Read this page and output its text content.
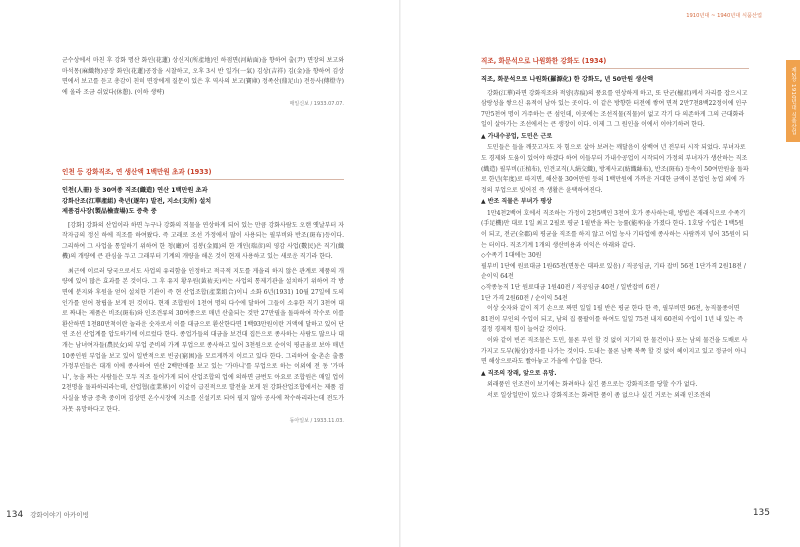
군수상에서 마친 후 강화 명산 화인(花蓮) 상신지(所產地)인 하점면(河岾面)을 향하여 출(尹) 면장의 보고와 마석몽(麻織物)공장 화인(花蓮)공장을 시찰하고, 오후 3시 반 일가(一氣) 김상(吉祥) 김(金)을 향하여 김상면에서 보고를 듣고 총감이 친히 면장에게 질문이 있은 후 역사의 보고(寶庫) 정족산(鼎足山) 전등사(傳燈寺)에 올라 조금 쉬었다(休憩). (이하 생략)

매일신보 / 1933.07.07.

인천 등 강화직조, 연 생산액 1백만원 초과 (1933)
인천(人冊) 등 30여종 직조(織造) 연산 1백만원 초과
강화산조(江華產組) 축년(逐年) 발전, 지소(支所) 설치
제품검사장(製品檢査場)도 증축 중

[강화] 강화의 산업이라 하면 누구나 강화의 직물을 연상하게 되어 있는 만큼 강화사람도 오랜 옛날부터 자작자급의 정신 하에 직조를 하여왔다. 즉 고래로 조선 가정에서 많이 사용되는 필부비와 반조(斑布)등이다. 그리하여 그 사업을 통일하기 위하여 한 청(廳)이 김봉(金鳳)의 한 개인(瑞彦)의 영감 사업(數民)은 직기(織機)의 개량에 큰 관심을 두고 그래부터 기계의 개량을 해온 것이 현재 사용하고 있는 새로운 직기라 한다.

최근에 이르러 당국으로서도 사업의 유리함을 인정하고 적극적 지도를 게을리 하지 않은 관계로 제품의 개량에 있어 많은 효과를 본 것이다. 그 후 유지 황우원(黃祐天)씨는 사업의 통제기관을 설치하기 위하여 각 방면에 분지와 후원을 얻어 설치한 기관이 즉 현 산업조합(產業組合)이니 소화 6년(1931) 10월 27일에 도의 인가를 얻어 창립을 보게 된 것이다. 현재 조합원이 1천여 명의 다수에 달하여 그들이 소유한 직기 3천여 대로 짜내는 제품은 비조(斑布)와 인조견류의 30여종으로 매년 산출되는 것만 27만필을 돌파하여 작수로 이를 환산하면 1천80만척이란 놀라운 숫자로서 이를 대금으로 환산한다면 1백93만원이란 거액에 달하고 있어 단연 조선 산업계를 압도하기에 이르렀다 한다. 종업가들의 대금을 보건대 집든으로 종사하는 사람도 많으나 대개는 남녀여자들(農民女)의 부업 준비의 가계 부업으로 종사하고 있어 3천원으로 순이익 평균율로 보아 매년 10종인원 부업을 보고 있어 일반적으로 빈궁(窮困)을 모르게까지 이르고 있다 한다. 그리하여 숲·촌손 출품 가정부인들은 대개 이에 종사하여 연산 2백만매를 보고 있는 '가마니'를 부업으로 하는 이외에 전 동 '가마니', 농을 짜는 사람들은 모두 직조 들어가게 되어 산업조합의 업에 의하면 금번도 아요로 조합원은 매일 업이 2천명을 돌파하리라는데, 산업협(產業界)이 이같이 급진적으로 발전을 보게 된 강화산업조합에서는 제품 검사실을 방금 증축 중이며 김상면 온수시장에 지소를 신설키로 되어 필지 않아 공사에 착수하리라는데 전도가 자못 유망하다고 한다.

동아일보 / 1933.11.03.

134 강화이야기 아카이빙
1910년대 ~ 1940년대 식품산업
제2장 1910년대 식품산업
직조, 화문석으로 나원화한 강화도 (1934)
직조, 화문석으로 나원화(羅源化) 한 강화도, 년 50만원 생산액

강화(江華)라면 강화직조와 적양(赤痕)의 풍요를 연상하게 하고, 또 단군(檀君)께서 자리를 잡으시고 삼랑성을 쌓으신 유적이 남아 있는 곳이다. 이 같은 방향한 터전에 쌓여 면적 2만7천8백22정이에 인구 7만5천여 명이 거주하는 큰 섬인데, 이곳에는 조선직물(직물)이 없고 각기 다 의존하게 그의 근대화라 일이 살아가는 조선에서는 큰 생장이 이다. 이제 그 그 원인을 이에서 이야기하려 한다.

▲ 가내수공업, 도민은 근로

도민들은 들을 깨끗고자도 자 힘으로 살아 보려는 깨달음이 삼백여 년 전부터 시작 되었다. 부녀자로도 경제와 도움이 있어야 하겠다 하여 이들부터 가내수공업이 시작되어 가정의 부녀자가 생산하는 직조(織造) 필부비(正植布), 인견교직(人絹交織), 방제사교(紡織絲布), 반조(斑布) 등속이 50여만원을 돌파로 한년(年度)로 따지면, 해산물 30여만원 등의 1백만원에 가까운 거대한 금액이 본업인 농업 외에 가정의 부업으로 빚어진 즉 생활은 윤택하여진다.

▲ 반조 직물은 부녀가 평상

1만4천2백여 호에서 직조하는 가정이 2천5백인 3천여 호가 종사하는데, 방법은 재래식으로 수족기(手足機)만 대로 1일 최고 2필로 평균 1필반을 짜는 능률(能率)을 가졌다 한다. 1호당 수입은 1백5원이 되고, 전군(全郡)의 평균을 직조를 하지 않고 어업 농사 기타업에 종사하는 사람까지 넣어 35원이 되는 터이다. 직조기계 1개의 생산비용과 이익은 아래와 같다.

◇수족기 1대에는 30원

필부비 1단에 원료대금 1원65전(면동은 대파로 있음) / 직공임금, 기타 잡비 56전 1단가격 2원18전 / 순이익 64전

◇작종농직 1단 원료대금 1원40전 / 직공임금 40전 / 일반잡비 6전 /

1단 가격 2원60전 / 순이익 54전

이상 숫자와 같이 직기 손으로 짜면 일일 1필 반은 평균 한다 한 즉, 필부비면 96전, 농직물종이면 81전이 부인의 수입이 되고, 남의 집 품팔이를 하여도 일일 75전 내지 60전의 수입이 1년 내 있는 즉 결정 경제적 힘이 늘어갈 것이다.

이와 같이 빈곤 직조물은 도민, 물론 부인 할 것 없이 지기의 한 물건이나 또는 남의 물건을 도배로 사가지고 도부(報상)장사를 나가는 것이다. 도내는 물론 남쪽 북쪽 할 것 없이 헤이지고 있고 정규이 아니면 해상으로라도 빨아놓고 가을에 수입을 한다.

▲ 직조의 장래, 앞으로 유망.

외래품인 인조견이 보기에는 화려하나 실긴 품으로는 강화직조를 당할 수가 없다.

서로 일상일만이 있으나 강화직조는 화려한 품이 좀 없으나 실긴 거로는 외래 인조견의

135
